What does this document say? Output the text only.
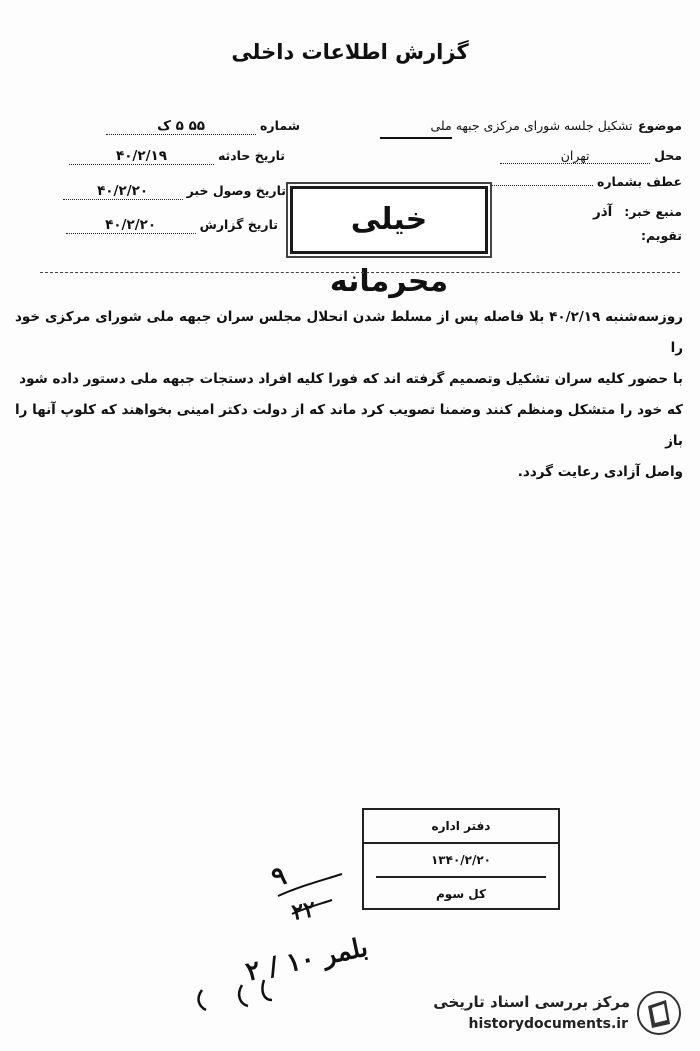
گزارش اطلاعات داخلی
موضوع تشکیل جلسه شورای مرکزی جبهه ملی
محل تهران
عطف بشماره
منبع خبر: آذر
تقویم:
شماره ۵۵ ۵ ک
تاریخ حادثه ۴۰/۲/۱۹
تاریخ وصول خبر ۴۰/۲/۲۰
تاریخ گزارش ۴۰/۲/۲۰	خیلی محرمانه

روزسه‌شنبه ۴۰/۲/۱۹ بلا فاصله پس از مسلط شدن انحلال مجلس سران جبهه ملی شورای مرکزی خود را

با حضور کلیه سران تشکیل وتصمیم گرفته اند که فورا کلیه افراد دستجات جبهه ملی دستور داده شود

که خود را متشکل ومنظم کنند وضمنا تصویب کرد ماند که از دولت دکتر امینی بخواهند که کلوپ آنها را باز

واصل آزادی رعایت گردد.

دفتر اداره
۱۳۴۰/۲/۲۰
کل سوم
۹
۲۲
بلمر ۱۰ / ۲
مرکز بررسی اسناد تاریخی
historydocuments.ir
